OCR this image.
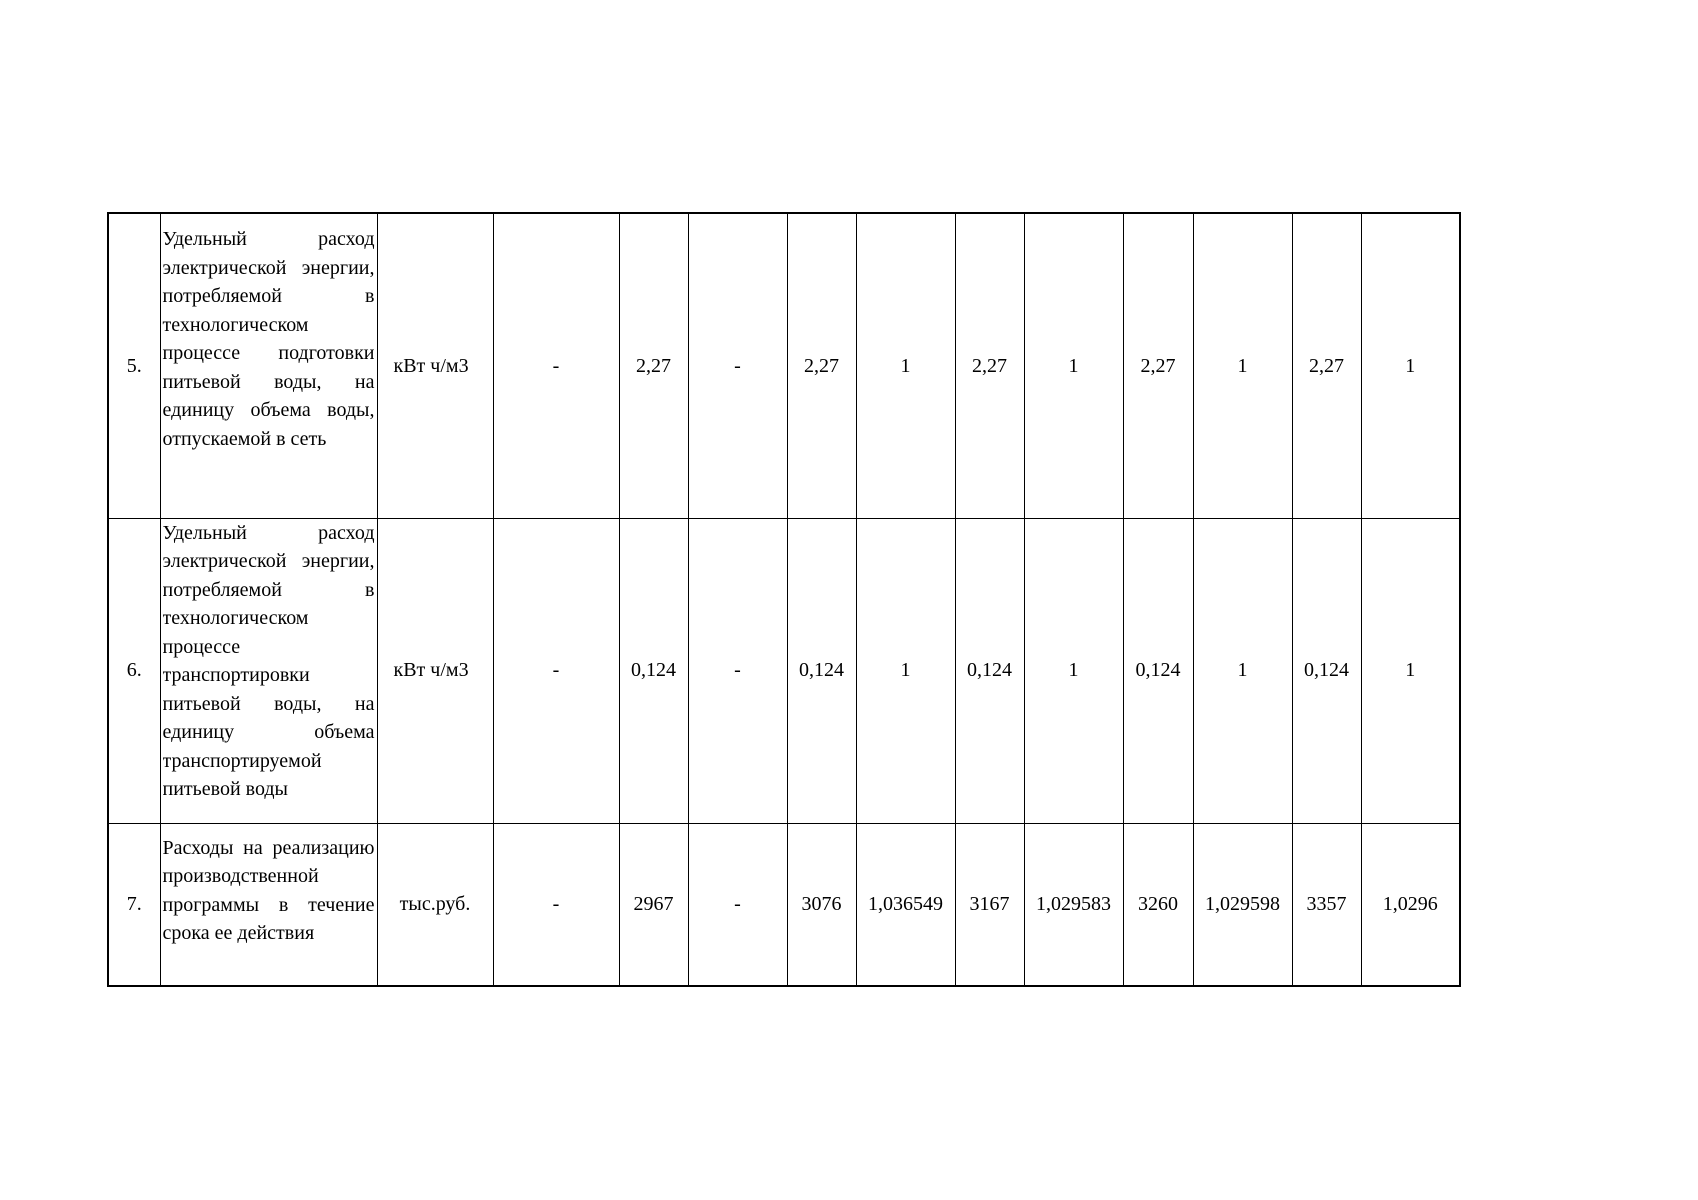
5.	Удельный расход электрической энергии, потребляемой в технологическом процессе подготовки питьевой воды, на единицу объема воды, отпускаемой в сеть	кВт ч/м3	-	2,27	-	2,27	1	2,27	1	2,27	1	2,27	1
6.	Удельный расход электрической энергии, потребляемой в технологическом процессе транспортировки питьевой воды, на единицу объема транспортируемой питьевой воды	кВт ч/м3	-	0,124	-	0,124	1	0,124	1	0,124	1	0,124	1
7.	Расходы на реализацию производственной программы в течение срока ее действия	тыс.руб.	-	2967	-	3076	1,036549	3167	1,029583	3260	1,029598	3357	1,0296
